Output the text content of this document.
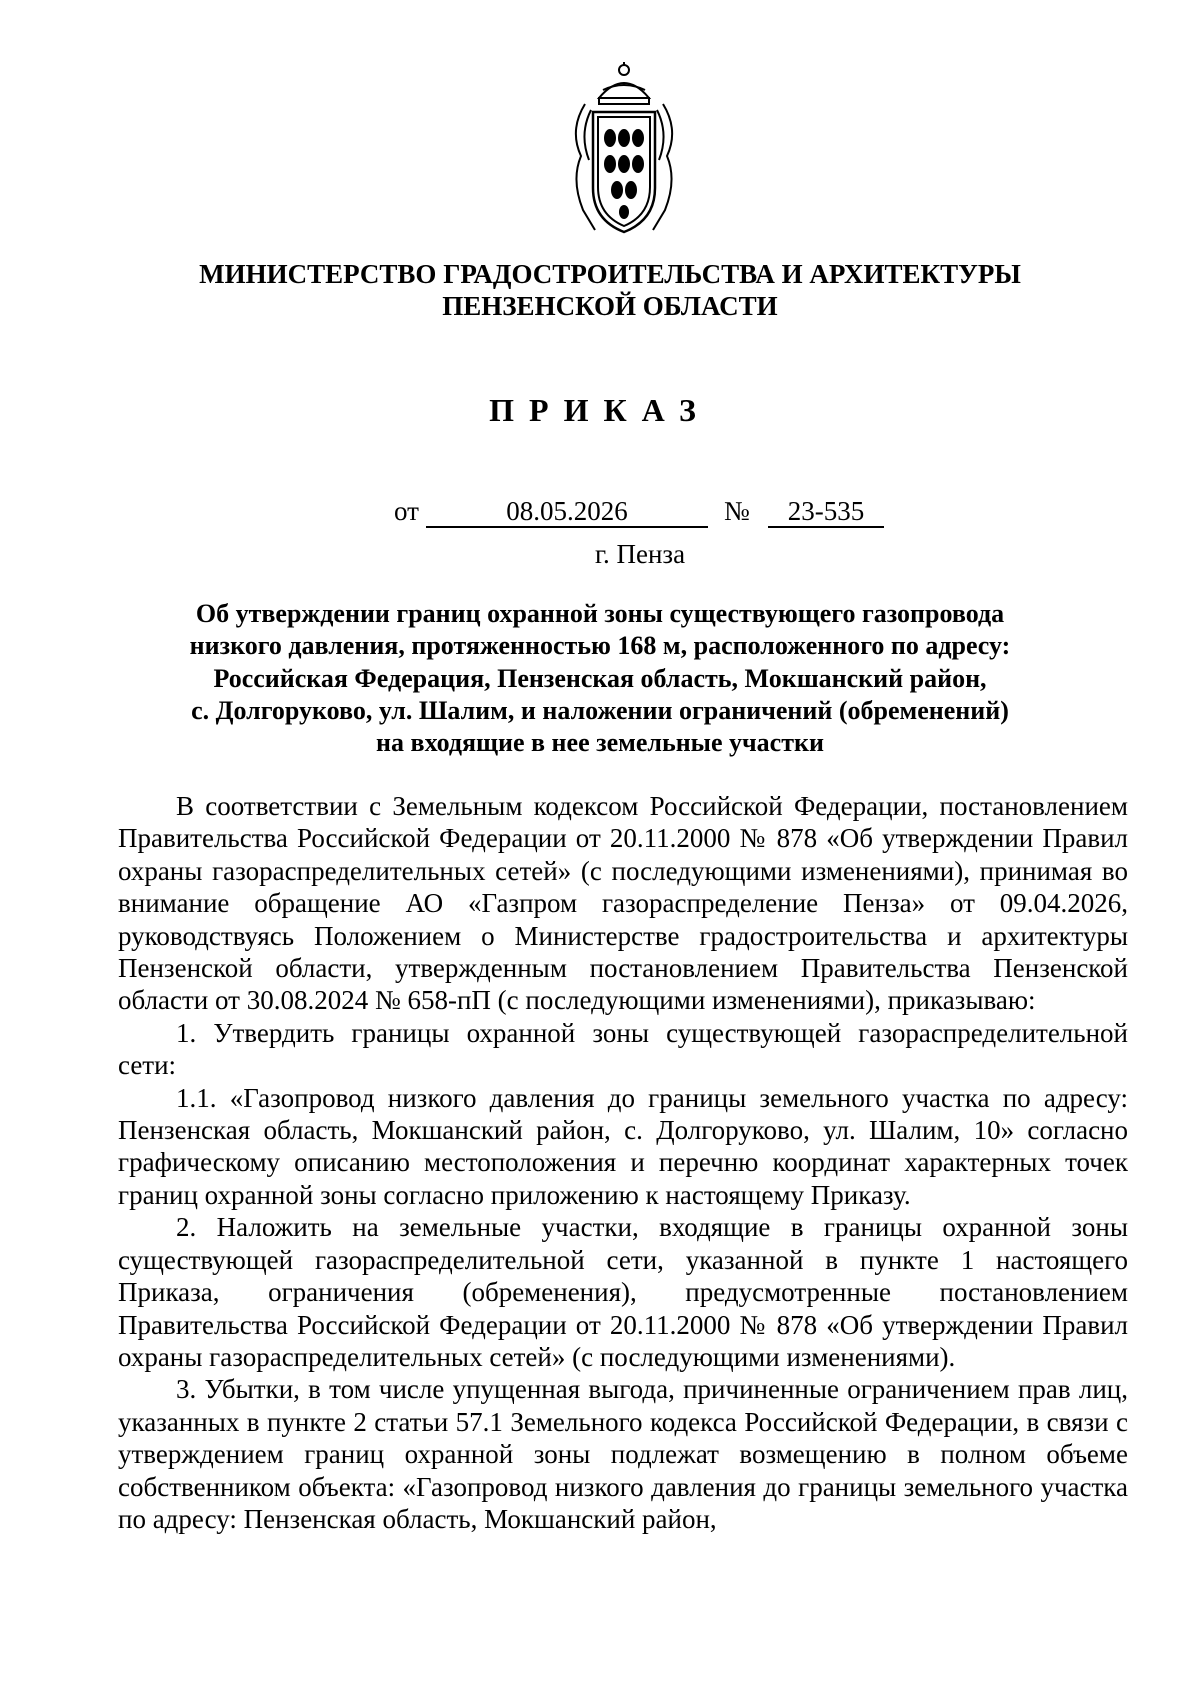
МИНИСТЕРСТВО ГРАДОСТРОИТЕЛЬСТВА И АРХИТЕКТУРЫ
ПЕНЗЕНСКОЙ ОБЛАСТИ
ПРИКАЗ
от	08.05.2026	№	23-535
г. Пенза
Об утверждении границ охранной зоны существующего газопровода
низкого давления, протяженностью 168 м, расположенного по адресу:
Российская Федерация, Пензенская область, Мокшанский район,
с. Долгоруково, ул. Шалим, и наложении ограничений (обременений)
на входящие в нее земельные участки

В соответствии с Земельным кодексом Российской Федерации, постановлением Правительства Российской Федерации от 20.11.2000 № 878 «Об утверждении Правил охраны газораспределительных сетей» (с последующими изменениями), принимая во внимание обращение АО «Газпром газораспределение Пенза» от 09.04.2026, руководствуясь Положением о Министерстве градостроительства и архитектуры Пензенской области, утвержденным постановлением Правительства Пензенской области от 30.08.2024 № 658-пП (с последующими изменениями), приказываю:

1. Утвердить границы охранной зоны существующей газораспределительной сети:

1.1. «Газопровод низкого давления до границы земельного участка по адресу: Пензенская область, Мокшанский район, с. Долгоруково, ул. Шалим, 10» согласно графическому описанию местоположения и перечню координат характерных точек границ охранной зоны согласно приложению к настоящему Приказу.

2. Наложить на земельные участки, входящие в границы охранной зоны существующей газораспределительной сети, указанной в пункте 1 настоящего Приказа, ограничения (обременения), предусмотренные постановлением Правительства Российской Федерации от 20.11.2000 № 878 «Об утверждении Правил охраны газораспределительных сетей» (с последующими изменениями).

3. Убытки, в том числе упущенная выгода, причиненные ограничением прав лиц, указанных в пункте 2 статьи 57.1 Земельного кодекса Российской Федерации, в связи с утверждением границ охранной зоны подлежат возмещению в полном объеме собственником объекта: «Газопровод низкого давления до границы земельного участка по адресу: Пензенская область, Мокшанский район,
